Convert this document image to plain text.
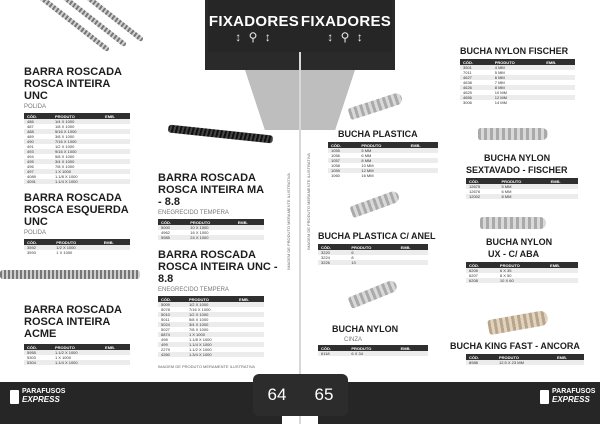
FIXADORES
↕ ⚲ ↕
FIXADORES
↕ ⚲ ↕
BARRA ROSCADA
ROSCA INTEIRA UNC
POLIDA
CÓD.	PRODUTO	EMB.
486	1/4 X 1000	
487	1/8 X 1000	
488	5/16 X 1000	
489	3/8 X 1000	
490	7/16 X 1000	
491	1/2 X 1000	
493	9/16 X 1000	
494	5/8 X 1000	
495	3/4 X 1000	
496	7/8 X 1000	
497	1 X 1000	
4089	1.1/8 X 1000	
4091	1.1/4 X 1000	
BARRA ROSCADA
ROSCA ESQUERDA UNC
POLIDA
CÓD.	PRODUTO	EMB.
3592	1/2 X 1000	
3593	1 X 1000	
BARRA ROSCADA
ROSCA INTEIRA ACME
CÓD.	PRODUTO	EMB.
5955	1.1/2 X 1000	
5303	1 X 1000	
5304	1.1/4 X 1000	
BARRA ROSCADA
ROSCA INTEIRA MA - 8.8
ENEGRECIDO TEMPERA
CÓD.	PRODUTO	EMB.
5000	10 X 1000	
4962	16 X 1000	
5985	24 X 1000	
BARRA ROSCADA
ROSCA INTEIRA UNC - 8.8
ENEGRECIDO TEMPERA
CÓD.	PRODUTO	EMB.
5009	1/2 X 1000	
5078	7/16 X 1000	
5010	1/2 X 1000	
5011	5/8 X 1000	
5024	3/4 X 1000	
5027	7/8 X 1000	
6874	1 X 1000	
498	1.1/8 X 1000	
499	1.1/4 X 1000	
2279	1.1/2 X 1000	
4260	1.3/4 X 1000	
IMAGEM DE PRODUTO MERAMENTE ILUSTRATIVA
IMAGEM DE PRODUTO MERAMENTE ILUSTRATIVA
IMAGEM DE PRODUTO MERAMENTE ILUSTRATIVA
BUCHA PLASTICA
CÓD.	PRODUTO	EMB.
1055	5 MM	
1056	6 MM	
1057	8 MM	
1058	10 MM	
1059	12 MM	
1060	16 MM	
BUCHA PLASTICA C/ ANEL
CÓD.	PRODUTO	EMB.
3220	6	
3224	8	
3226	10	
BUCHA NYLON
CINZA
CÓD.	PRODUTO	EMB.
6118	6 X 34	
BUCHA NYLON FISCHER
CÓD.	PRODUTO	EMB.
3501	4 MM	
7011	5 MM	
4627	6 MM	
4638	7 MM	
4626	8 MM	
4625	10 MM	
4656	12 MM	
3006	14 MM	
BUCHA NYLON
SEXTAVADO - FISCHER
CÓD.	PRODUTO	EMB.
12675	5 MM	
12676	6 MM	
12002	8 MM	
BUCHA NYLON
UX - C/ ABA
CÓD.	PRODUTO	EMB.
6205	6 X 35	
6207	8 X 50	
6208	10 X 60	
BUCHA KING FAST - ANCORA
CÓD.	PRODUTO	EMB.
8988	12.5 X 23 MM	
64	65
PARAFUSOS
EXPRESS
PARAFUSOS
EXPRESS
